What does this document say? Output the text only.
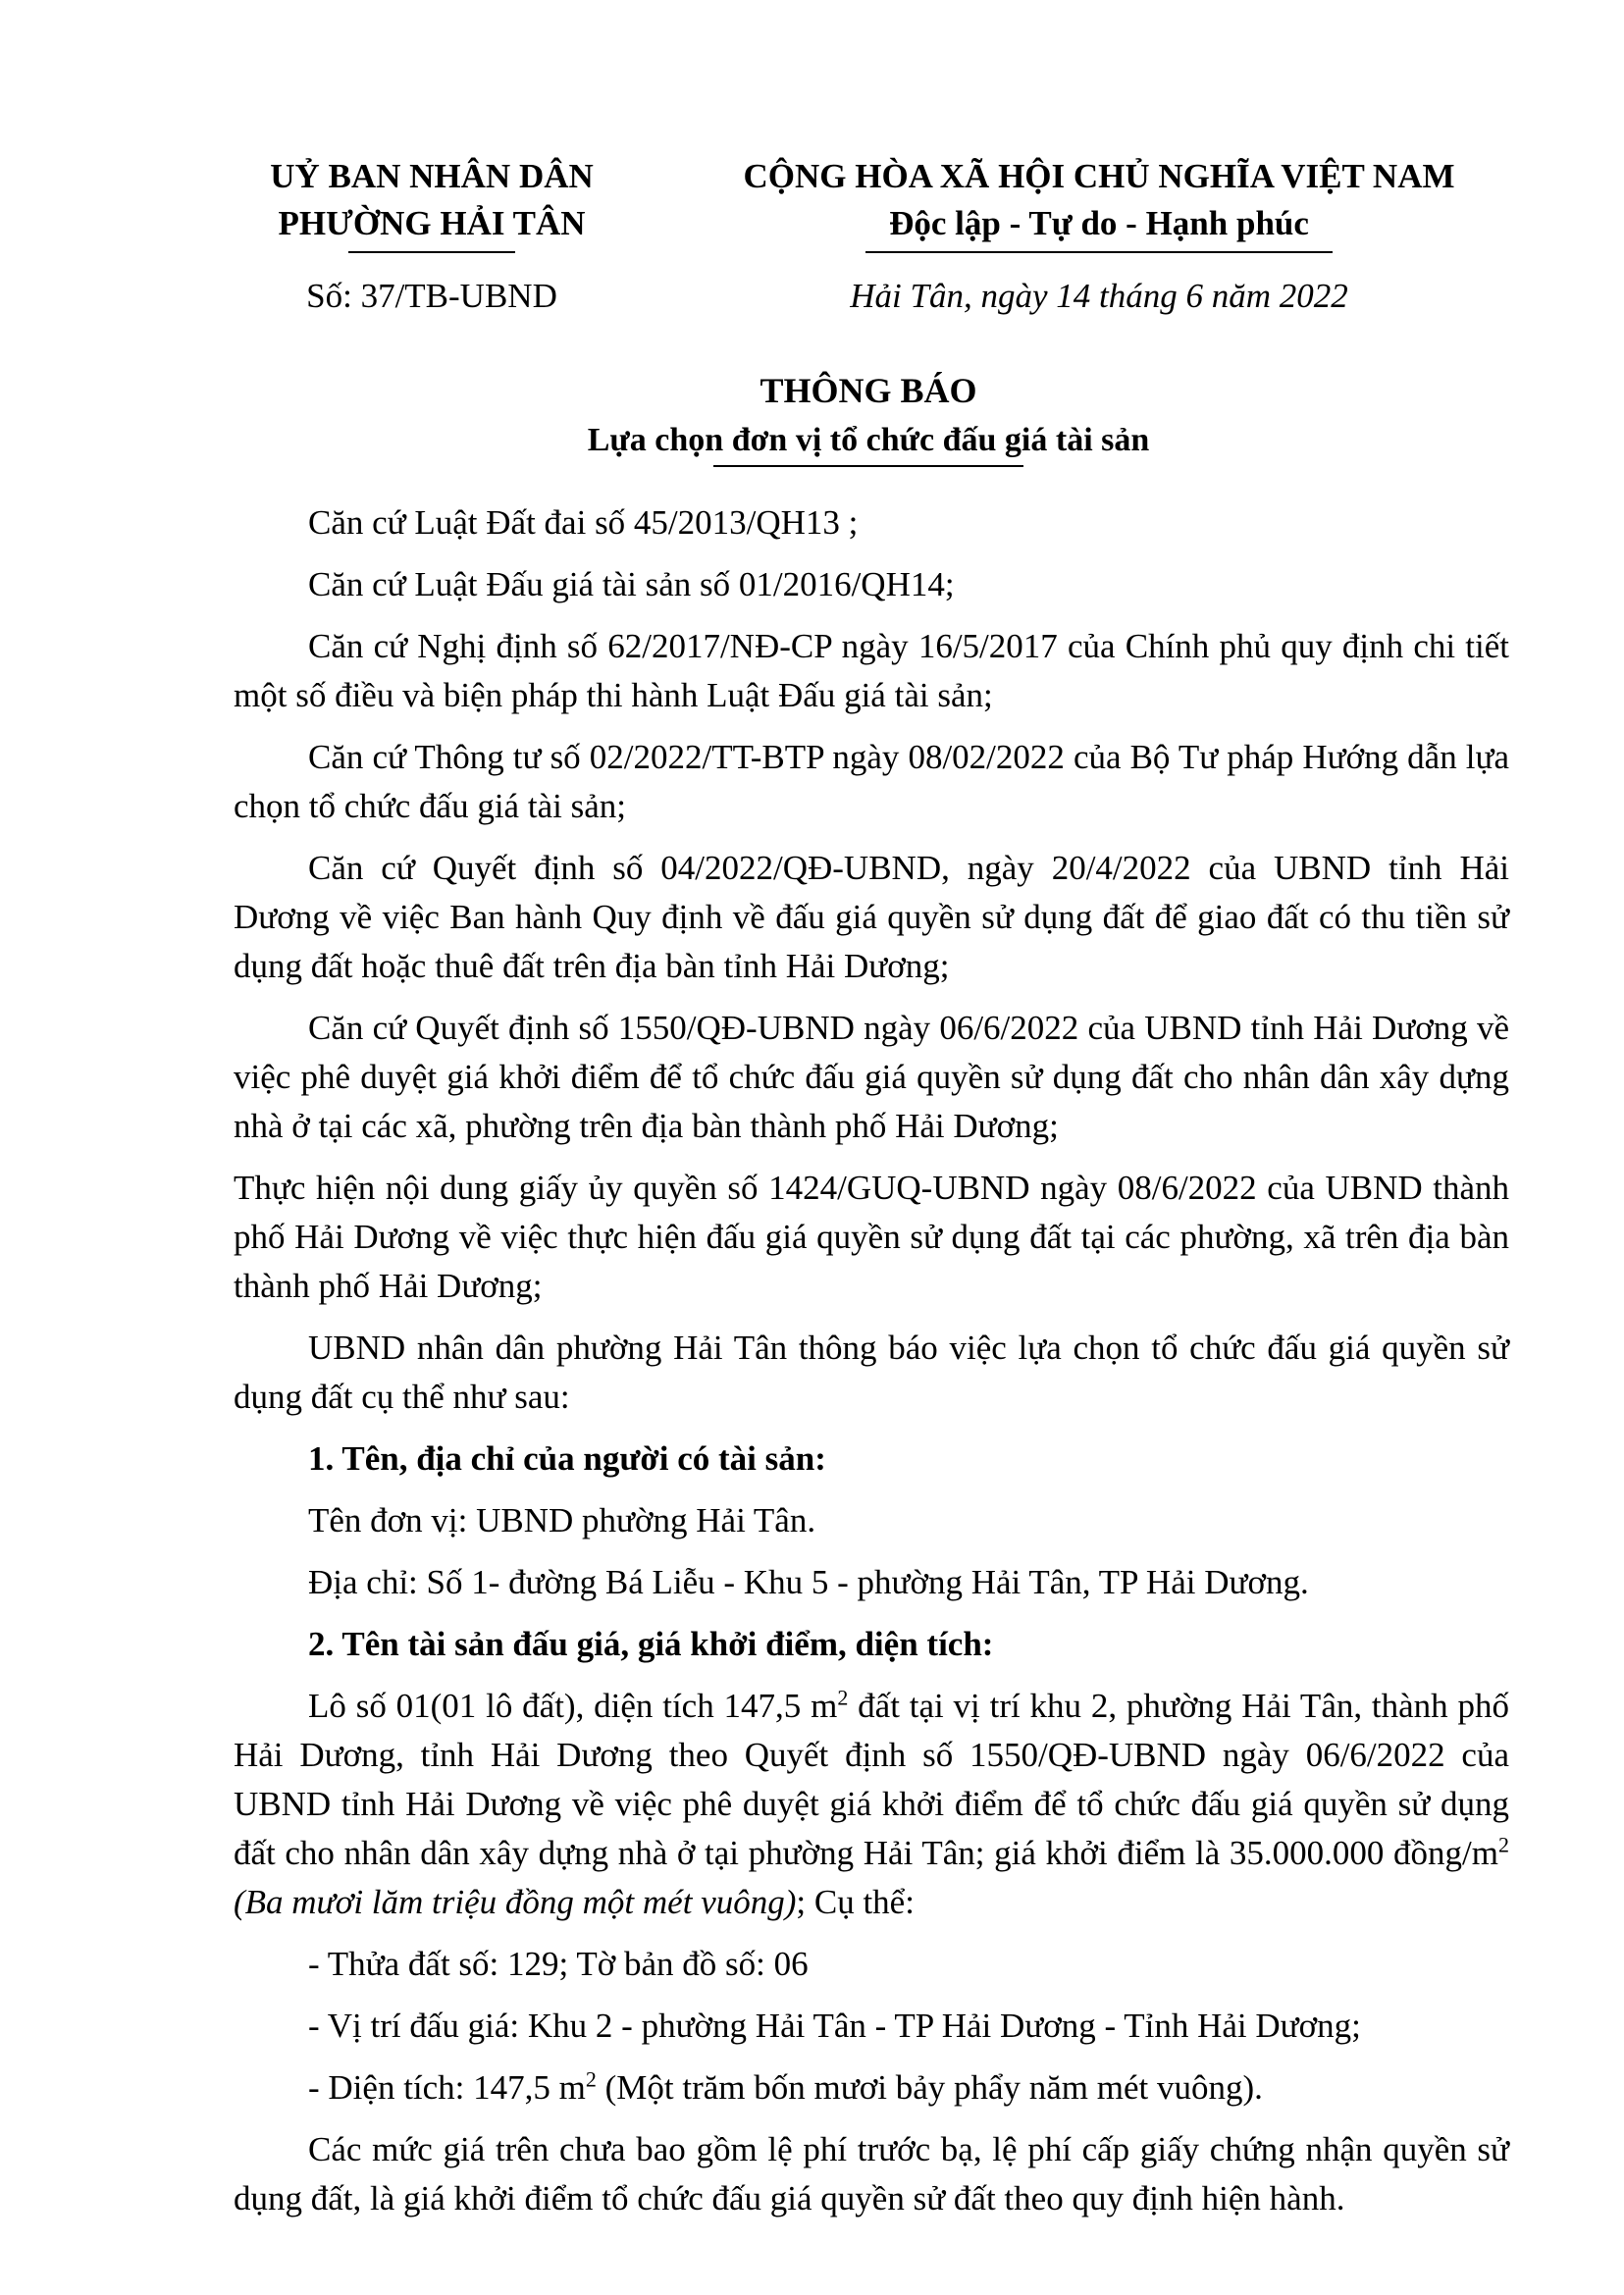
UỶ BAN NHÂN DÂN
PHƯỜNG HẢI TÂN
Số: 37/TB-UBND
CỘNG HÒA XÃ HỘI CHỦ NGHĨA VIỆT NAM
Độc lập - Tự do - Hạnh phúc
Hải Tân, ngày 14 tháng 6 năm 2022
THÔNG BÁO
Lựa chọn đơn vị tổ chức đấu giá tài sản

Căn cứ Luật Đất đai số 45/2013/QH13 ;

Căn cứ Luật Đấu giá tài sản số 01/2016/QH14;

Căn cứ Nghị định số 62/2017/NĐ-CP ngày 16/5/2017 của Chính phủ quy định chi tiết một số điều và biện pháp thi hành Luật Đấu giá tài sản;

Căn cứ Thông tư số 02/2022/TT-BTP ngày 08/02/2022 của Bộ Tư pháp Hướng dẫn lựa chọn tổ chức đấu giá tài sản;

Căn cứ Quyết định số 04/2022/QĐ-UBND, ngày 20/4/2022 của UBND tỉnh Hải Dương về việc Ban hành Quy định về đấu giá quyền sử dụng đất để giao đất có thu tiền sử dụng đất hoặc thuê đất trên địa bàn tỉnh Hải Dương;

Căn cứ Quyết định số 1550/QĐ-UBND ngày 06/6/2022 của UBND tỉnh Hải Dương về việc phê duyệt giá khởi điểm để tổ chức đấu giá quyền sử dụng đất cho nhân dân xây dựng nhà ở tại các xã, phường trên địa bàn thành phố Hải Dương;

Thực hiện nội dung giấy ủy quyền số 1424/GUQ-UBND ngày 08/6/2022 của UBND thành phố Hải Dương về việc thực hiện đấu giá quyền sử dụng đất tại các phường, xã trên địa bàn thành phố Hải Dương;

UBND nhân dân phường Hải Tân thông báo việc lựa chọn tổ chức đấu giá quyền sử dụng đất cụ thể như sau:

1. Tên, địa chỉ của người có tài sản:

Tên đơn vị: UBND phường Hải Tân.

Địa chỉ: Số 1- đường Bá Liễu - Khu 5 - phường Hải Tân, TP Hải Dương.

2. Tên tài sản đấu giá, giá khởi điểm, diện tích:

Lô số 01(01 lô đất), diện tích 147,5 $m^2$ đất tại vị trí khu 2, phường Hải Tân, thành phố Hải Dương, tỉnh Hải Dương theo Quyết định số 1550/QĐ-UBND ngày 06/6/2022 của UBND tỉnh Hải Dương về việc phê duyệt giá khởi điểm để tổ chức đấu giá quyền sử dụng đất cho nhân dân xây dựng nhà ở tại phường Hải Tân; giá khởi điểm là 35.000.000 đồng/$m^2$ (Ba mươi lăm triệu đồng một mét vuông); Cụ thể:

- Thửa đất số: 129; Tờ bản đồ số: 06

- Vị trí đấu giá: Khu 2 - phường Hải Tân - TP Hải Dương - Tỉnh Hải Dương;

- Diện tích: 147,5 $m^2$ (Một trăm bốn mươi bảy phẩy năm mét vuông).

Các mức giá trên chưa bao gồm lệ phí trước bạ, lệ phí cấp giấy chứng nhận quyền sử dụng đất, là giá khởi điểm tổ chức đấu giá quyền sử đất theo quy định hiện hành.
